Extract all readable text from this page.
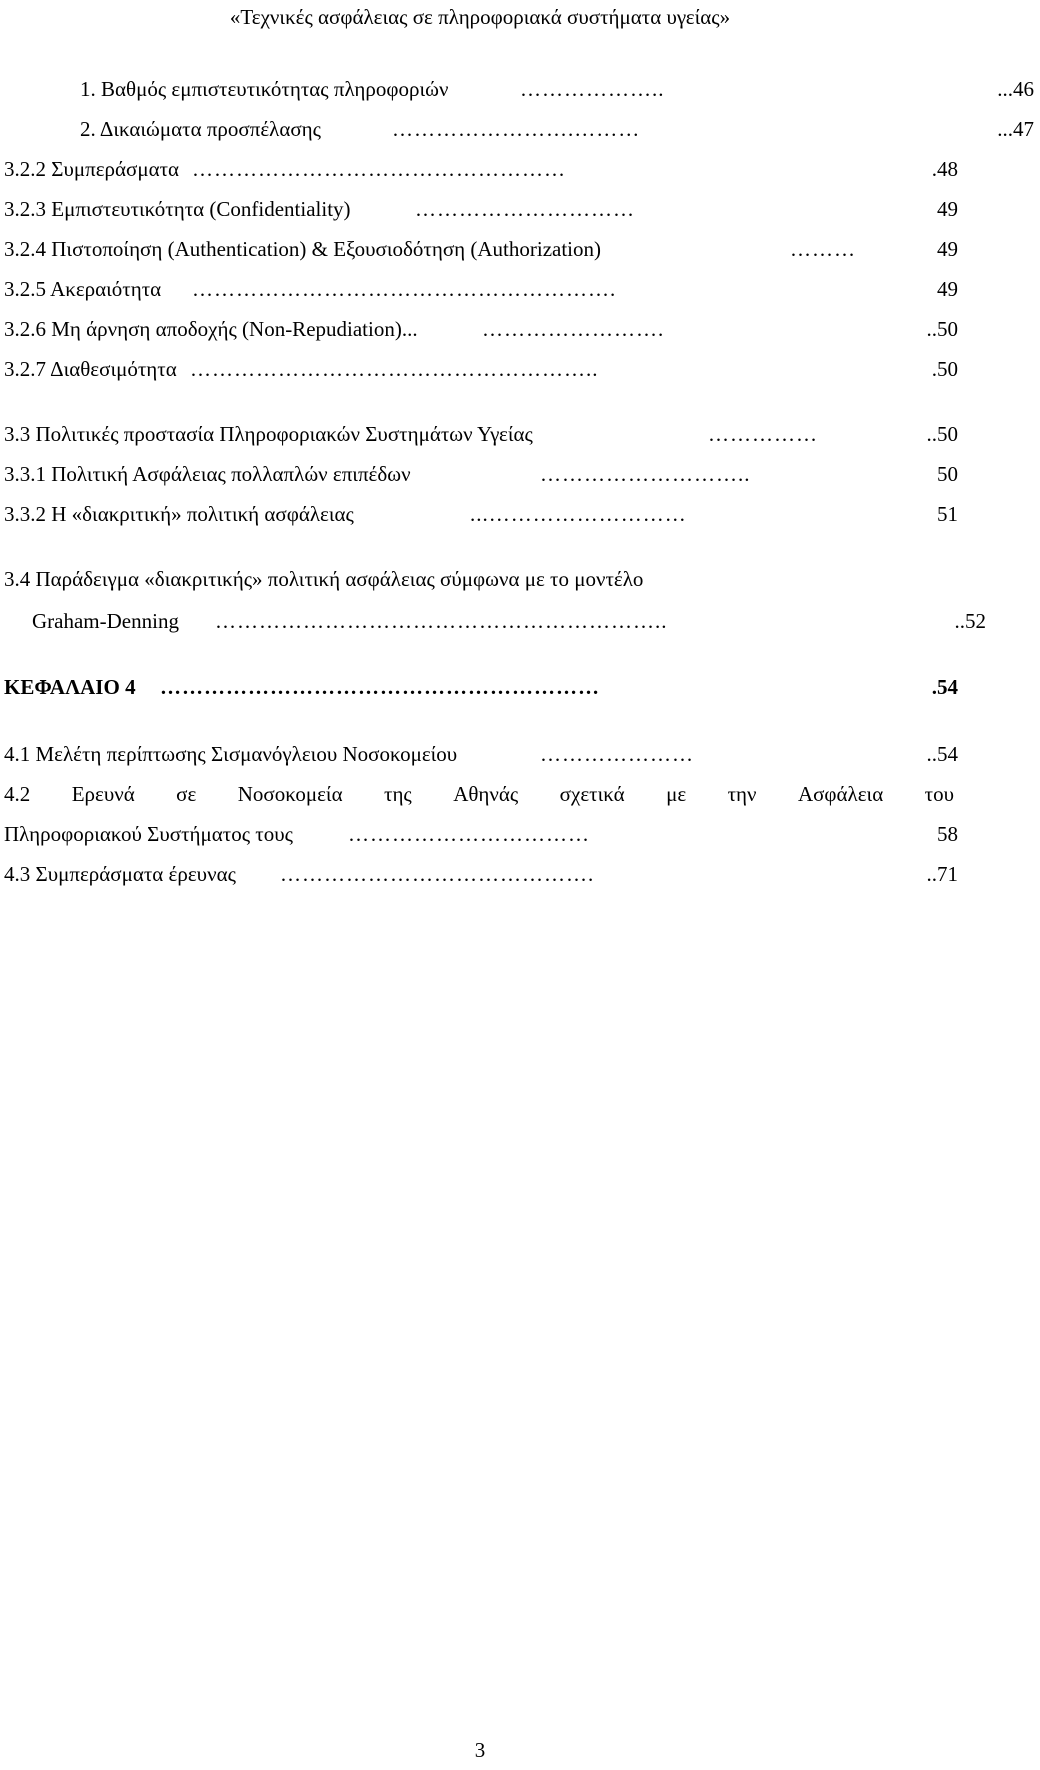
«Τεχνικές ασφάλειας σε πληροφοριακά συστήματα υγείας»
1. Βαθμός εμπιστευτικότητας πληροφοριών	………………..	...46
2. Δικαιώματα προσπέλασης	…………………….………	...47
3.2.2 Συμπεράσματα ……………………………………………	.48
3.2.3 Εμπιστευτικότητα (Confidentiality)	…………………………	49
3.2.4 Πιστοποίηση (Authentication) & Εξουσιοδότηση (Authorization)	………	49
3.2.5 Ακεραιότητα ………………………………………………….	49
3.2.6 Μη άρνηση αποδοχής (Non-Repudiation)...	…………………….	..50
3.2.7 Διαθεσιμότητα ………………………………………………..	.50
3.3 Πολιτικές προστασία Πληροφοριακών Συστημάτων Υγείας	……………	..50
3.3.1 Πολιτική Ασφάλειας πολλαπλών επιπέδων	………………………..	50
3.3.2 Η «διακριτική» πολιτική ασφάλειας	...………………………	51
3.4 Παράδειγμα «διακριτικής» πολιτική ασφάλειας σύμφωνα με το μοντέλο
Graham-Denning ……………………………………………………..	..52
ΚΕΦΑΛΑΙΟ 4 ……………………………………………………	.54
4.1 Μελέτη περίπτωσης Σισμανόγλειου Νοσοκομείου	…………………	..54
4.2 Ερευνά σε Νοσοκομεία της Αθηνάς σχετικά με την Ασφάλεια του
Πληροφοριακού Συστήματος τους	……………………………	58
4.3 Συμπεράσματα έρευνας …………………………………….	..71
3
